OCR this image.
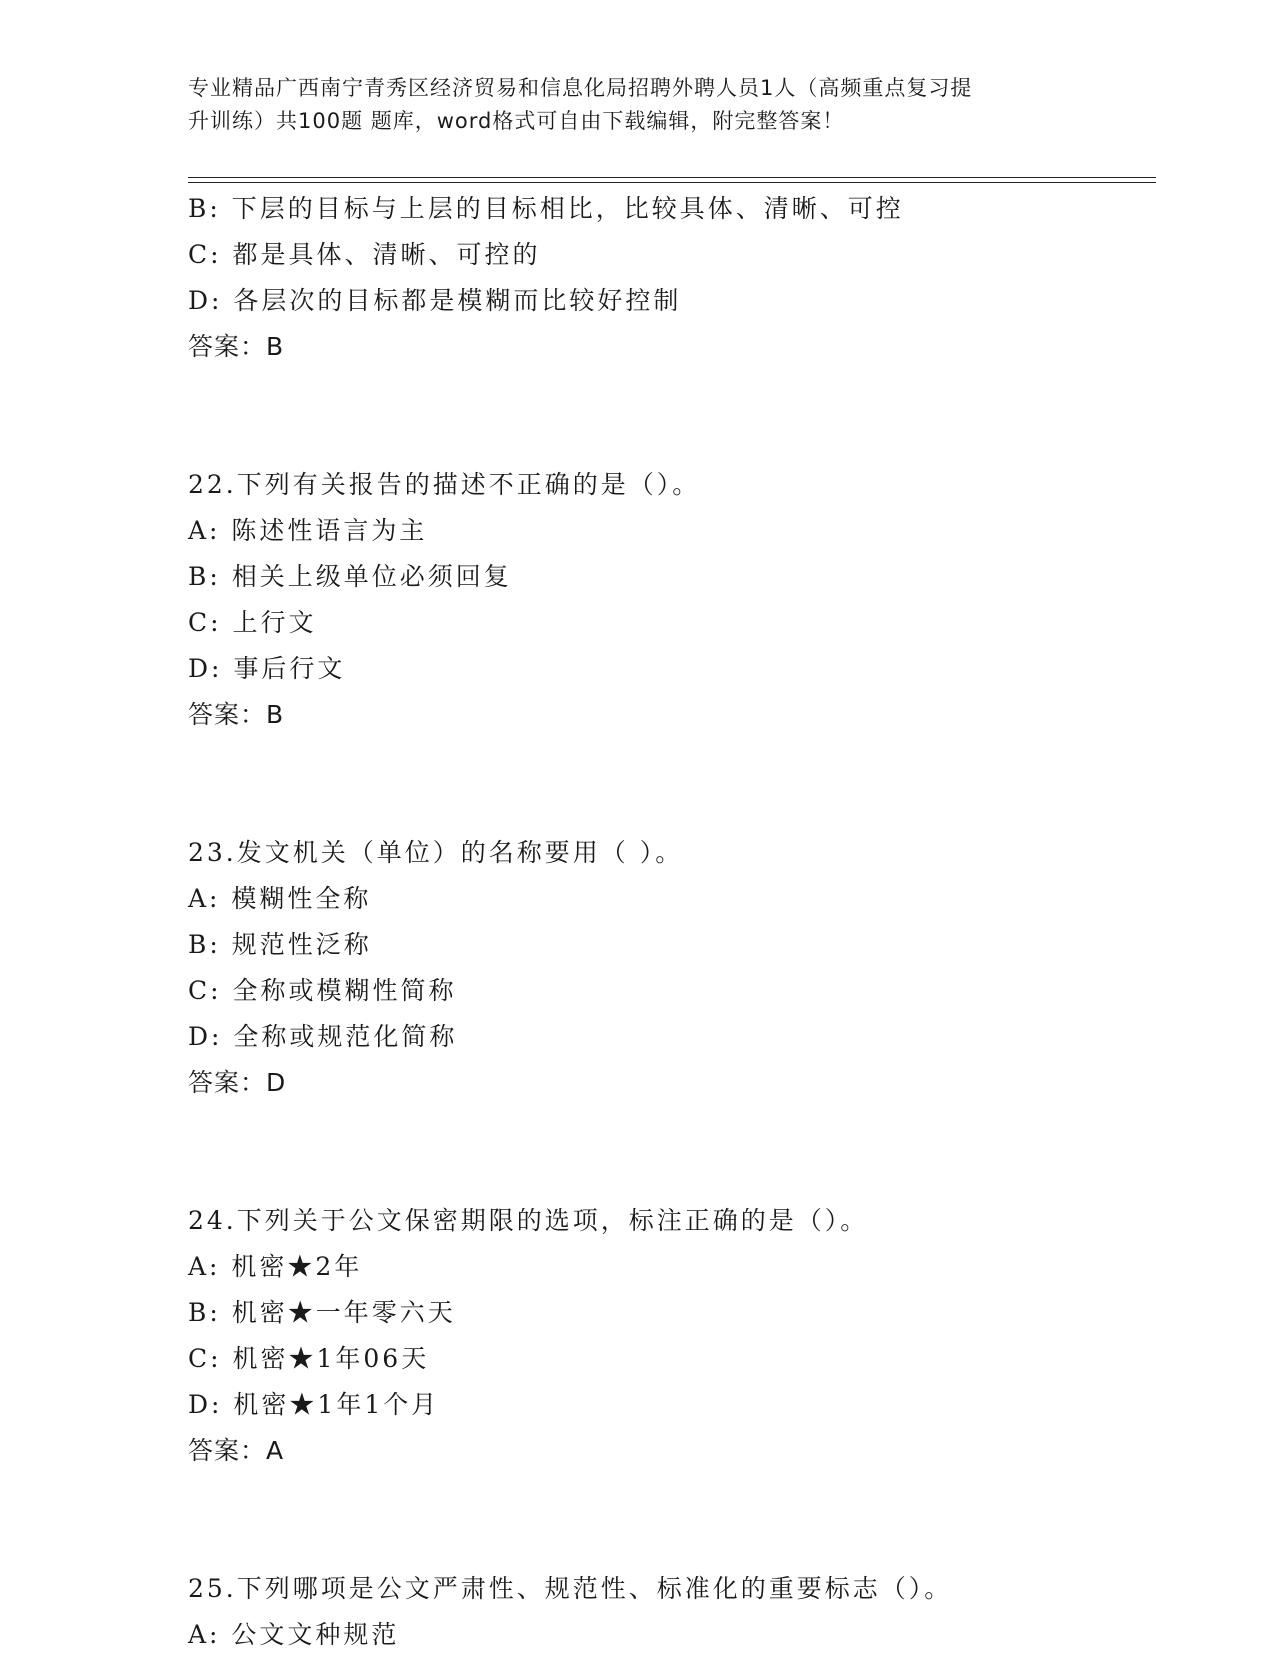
专业精品广西南宁青秀区经济贸易和信息化局招聘外聘人员1人（高频重点复习提
升训练）共100题 题库，word格式可自由下载编辑，附完整答案！
B: 下层的目标与上层的目标相比，比较具体、清晰、可控
C: 都是具体、清晰、可控的
D: 各层次的目标都是模糊而比较好控制
答案：B
22.下列有关报告的描述不正确的是（）。
A: 陈述性语言为主
B: 相关上级单位必须回复
C: 上行文
D: 事后行文
答案：B
23.发文机关（单位）的名称要用（ ）。
A: 模糊性全称
B: 规范性泛称
C: 全称或模糊性简称
D: 全称或规范化简称
答案：D
24.下列关于公文保密期限的选项，标注正确的是（）。
A: 机密★2年
B: 机密★一年零六天
C: 机密★1年06天
D: 机密★1年1个月
答案：A
25.下列哪项是公文严肃性、规范性、标准化的重要标志（）。
A: 公文文种规范
